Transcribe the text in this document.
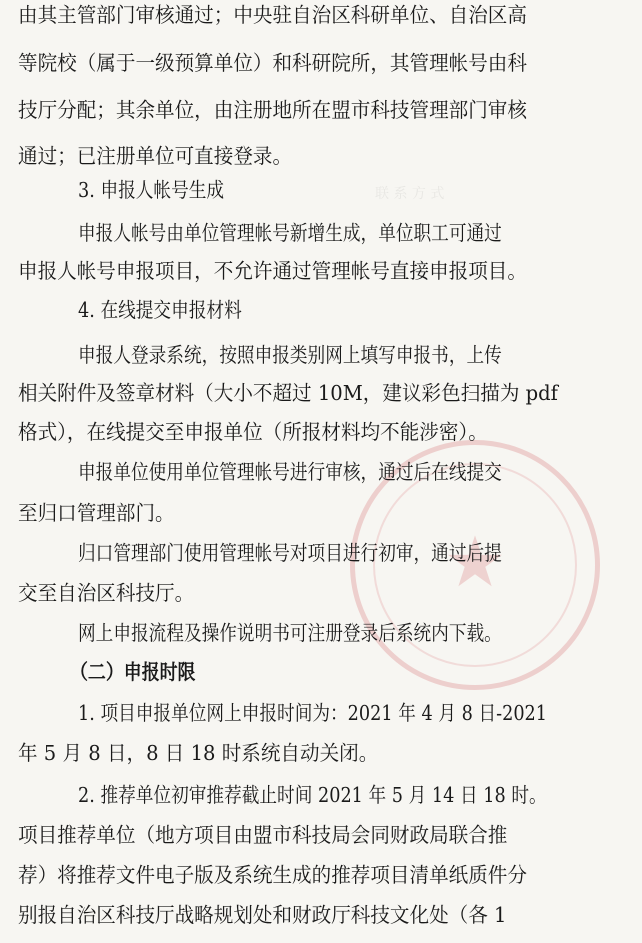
★
联 系 方 式
由其主管部门审核通过；中央驻自治区科研单位、自治区高
等院校（属于一级预算单位）和科研院所，其管理帐号由科
技厅分配；其余单位，由注册地所在盟市科技管理部门审核
通过；已注册单位可直接登录。
3. 申报人帐号生成
申报人帐号由单位管理帐号新增生成，单位职工可通过
申报人帐号申报项目，不允许通过管理帐号直接申报项目。
4. 在线提交申报材料
申报人登录系统，按照申报类别网上填写申报书，上传
相关附件及签章材料（大小不超过 10M，建议彩色扫描为 pdf
格式），在线提交至申报单位（所报材料均不能涉密）。
申报单位使用单位管理帐号进行审核，通过后在线提交
至归口管理部门。
归口管理部门使用管理帐号对项目进行初审，通过后提
交至自治区科技厅。
网上申报流程及操作说明书可注册登录后系统内下载。
（二）申报时限
1. 项目申报单位网上申报时间为：2021 年 4 月 8 日-2021
年 5 月 8 日，8 日 18 时系统自动关闭。
2. 推荐单位初审推荐截止时间 2021 年 5 月 14 日 18 时。
项目推荐单位（地方项目由盟市科技局会同财政局联合推
荐）将推荐文件电子版及系统生成的推荐项目清单纸质件分
别报自治区科技厅战略规划处和财政厅科技文化处（各 1
